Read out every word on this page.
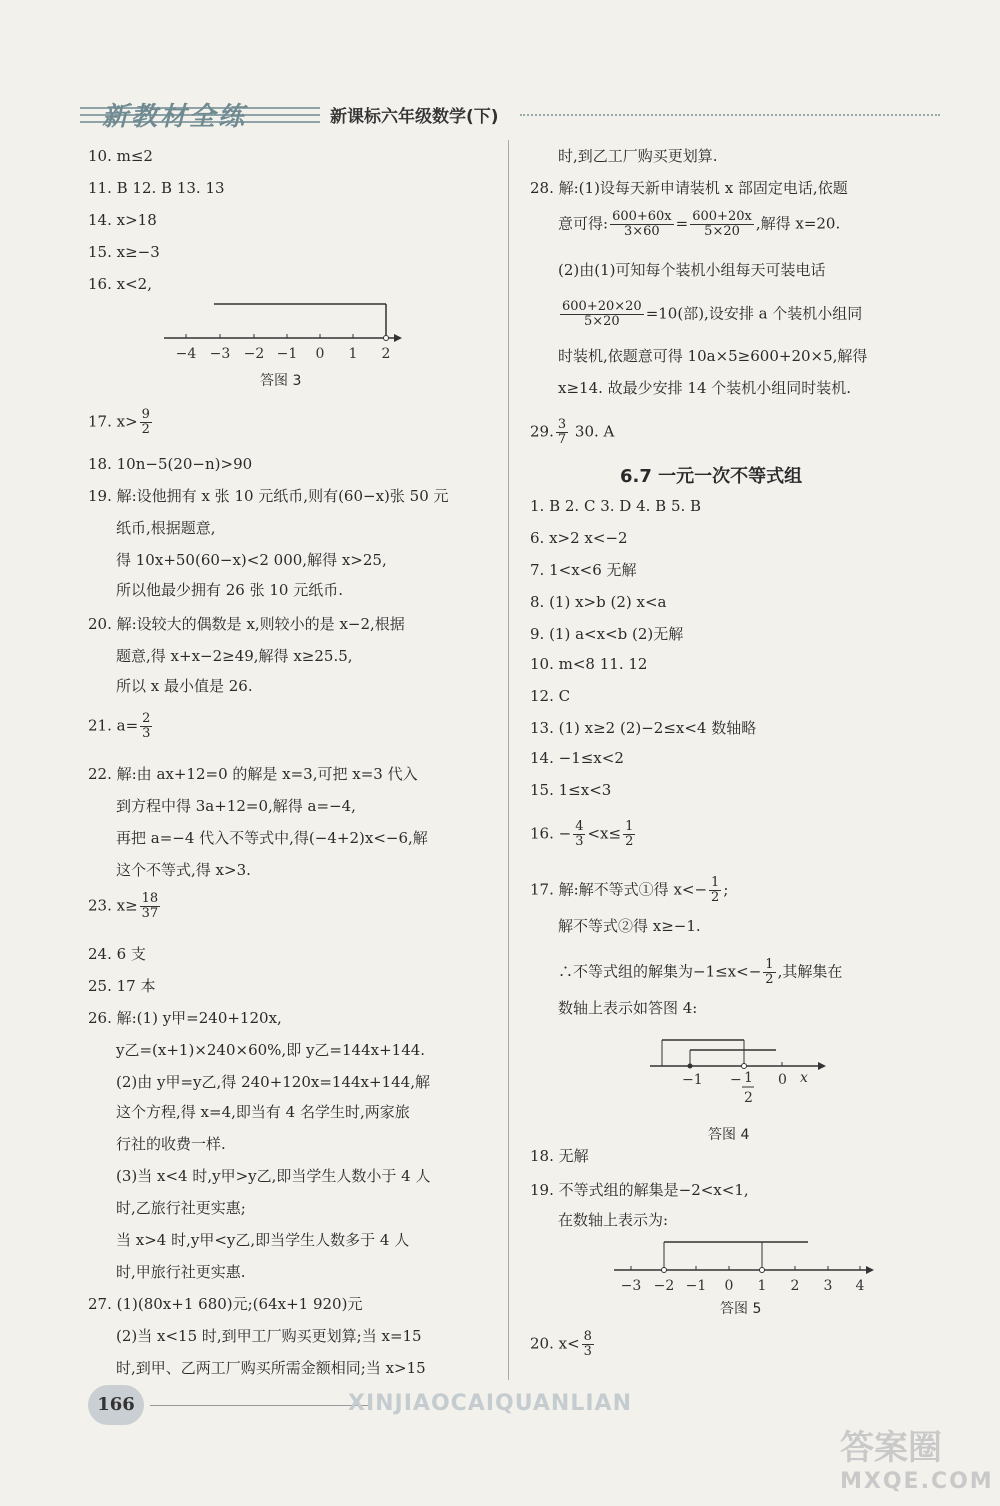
新教材全练	新课标六年级数学(下)
10. m≤2
11. B 12. B 13. 13
14. x>18
15. x≥−3
16. x<2,
−4 −3 −2 −1 0 1 2
答图 3
17. $x> \frac{9}{2}$
18. 10n−5(20−n)>90
19. 解:设他拥有 x 张 10 元纸币,则有(60−x)张 50 元
纸币,根据题意,
得 10x+50(60−x)<2 000,解得 x>25,
所以他最少拥有 26 张 10 元纸币.
20. 解:设较大的偶数是 x,则较小的是 x−2,根据
题意,得 x+x−2≥49,解得 x≥25.5,
所以 x 最小值是 26.
21. $a= \frac{2}{3}$
22. 解:由 ax+12=0 的解是 x=3,可把 x=3 代入
到方程中得 3a+12=0,解得 a=−4,
再把 a=−4 代入不等式中,得(−4+2)x<−6,解
这个不等式,得 x>3.
23. $x\ge \frac{18}{37}$
24. 6 支
25. 17 本
26. 解:(1) y甲=240+120x,
y乙=(x+1)×240×60%,即 y乙=144x+144.
(2)由 y甲=y乙,得 240+120x=144x+144,解
这个方程,得 x=4,即当有 4 名学生时,两家旅
行社的收费一样.
(3)当 x<4 时,y甲>y乙,即当学生人数小于 4 人
时,乙旅行社更实惠;
当 x>4 时,y甲<y乙,即当学生人数多于 4 人
时,甲旅行社更实惠.
27. (1)(80x+1 680)元;(64x+1 920)元
(2)当 x<15 时,到甲工厂购买更划算;当 x=15
时,到甲、乙两工厂购买所需金额相同;当 x>15
时,到乙工厂购买更划算.
28. 解:(1)设每天新申请装机 x 部固定电话,依题
意可得: $\frac{600+60x}{3\times 60} = \frac{600+20x}{5\times 20}$ ,解得 x=20.
(2)由(1)可知每个装机小组每天可装电话
$\frac{600+20\times 20}{5\times 20} =10$(部),设安排 a 个装机小组同
时装机,依题意可得 10a×5≥600+20×5,解得
x≥14. 故最少安排 14 个装机小组同时装机.
29. $\frac{3}{7} 30$. A
6.7 一元一次不等式组
1. B 2. C 3. D 4. B 5. B
6. x>2 x<−2
7. 1<x<6 无解
8. (1) x>b (2) x<a
9. (1) a<x<b (2)无解
10. m<8 11. 12
12. C
13. (1) x≥2 (2)−2≤x<4 数轴略
14. −1≤x<2
15. 1≤x<3
16. − $\frac{4}{3} <x\le \frac{1}{2}$
17. 解:解不等式①得 $x<- \frac{1}{2}$ ;
解不等式②得 x≥−1.
∴不等式组的解集为$-1\le x<- \frac{1}{2}$ ,其解集在
数轴上表示如答图 4:
−1 − 1
2
0 x
答图 4
18. 无解
19. 不等式组的解集是−2<x<1,
在数轴上表示为:
−3 −2 −1 0 1 2 3 4
答图 5
20. $x< \frac{8}{3}$
166	XINJIAOCAIQUANLIAN
答案圈
MXQE.COM
